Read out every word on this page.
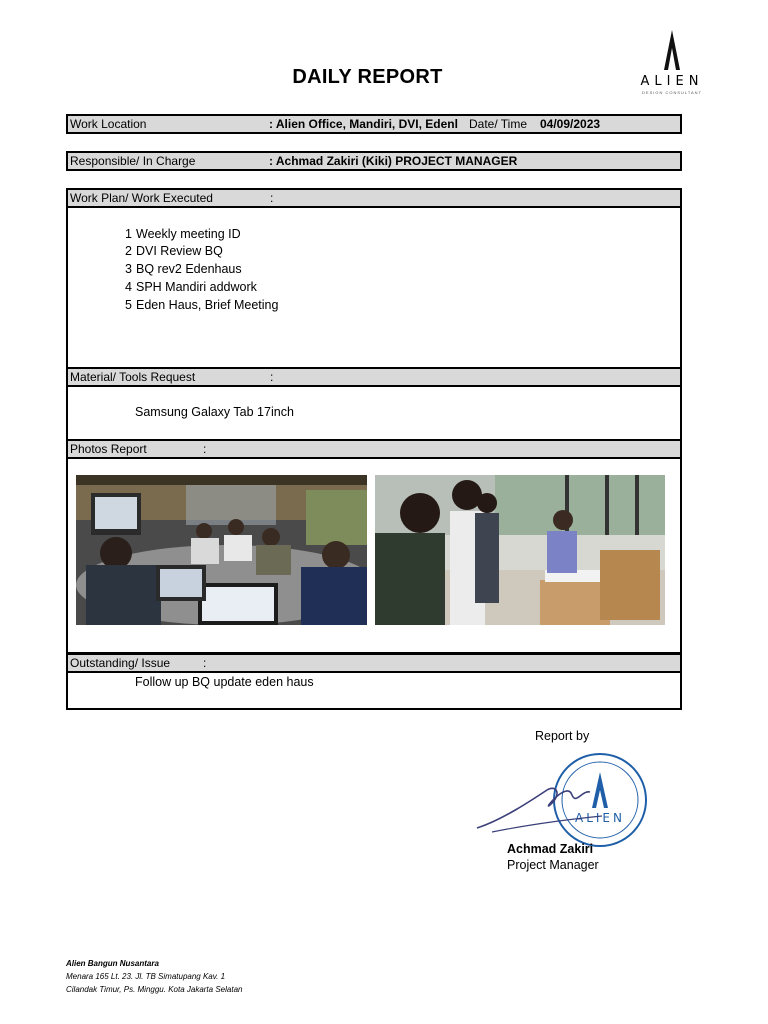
DAILY REPORT	ALIEN
DESIGN CONSULTANT
Work Location	: Alien Office, Mandiri, DVI, Edenl Date/ Time 04/09/2023
Responsible/ In Charge	: Achmad Zakiri (Kiki) PROJECT MANAGER
Work Plan/ Work Executed	:
1 Weekly meeting ID
2 DVI Review BQ
3 BQ rev2 Edenhaus
4 SPH Mandiri addwork
5 Eden Haus, Brief Meeting
Material/ Tools Request	:
Samsung Galaxy Tab 17inch
Photos Report	:
Outstanding/ Issue	:
Follow up BQ update eden haus
Report by
ALIEN
Achmad Zakiri
Project Manager
Alien Bangun Nusantara
Menara 165 Lt. 23. Jl. TB Simatupang Kav. 1
Cilandak Timur, Ps. Minggu. Kota Jakarta Selatan
